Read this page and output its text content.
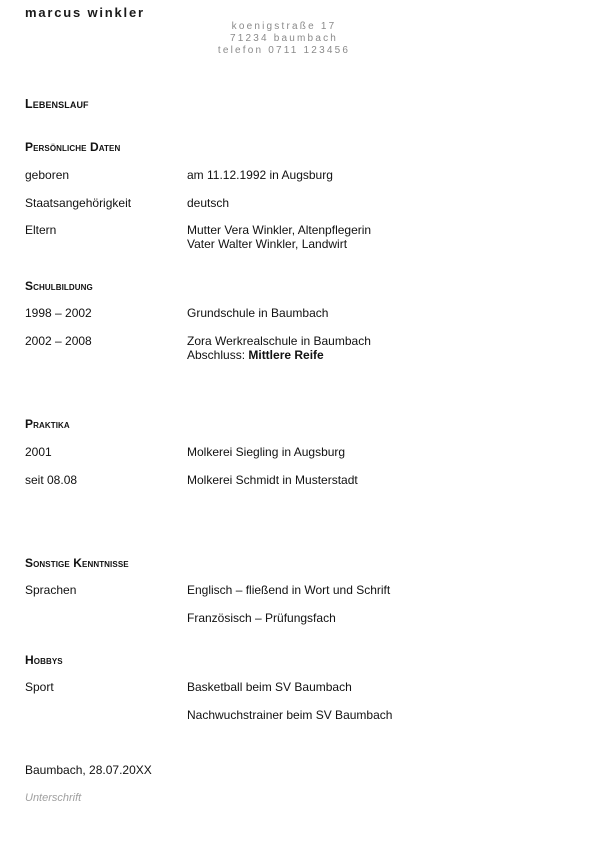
marcus winkler
koenigstraße 17
71234 baumbach
telefon 0711 123456
Lebenslauf
Persönliche Daten
geboren	am 11.12.1992 in Augsburg
Staatsangehörigkeit	deutsch
Eltern	Mutter Vera Winkler, Altenpflegerin
Vater Walter Winkler, Landwirt
Schulbildung
1998 – 2002	Grundschule in Baumbach
2002 – 2008	Zora Werkrealschule in Baumbach
Abschluss: Mittlere Reife
Praktika
2001	Molkerei Siegling in Augsburg
seit 08.08	Molkerei Schmidt in Musterstadt
Sonstige Kenntnisse
Sprachen	Englisch – fließend in Wort und Schrift
Französisch – Prüfungsfach
Hobbys
Sport	Basketball beim SV Baumbach
Nachwuchstrainer beim SV Baumbach
Baumbach, 28.07.20XX
Unterschrift
